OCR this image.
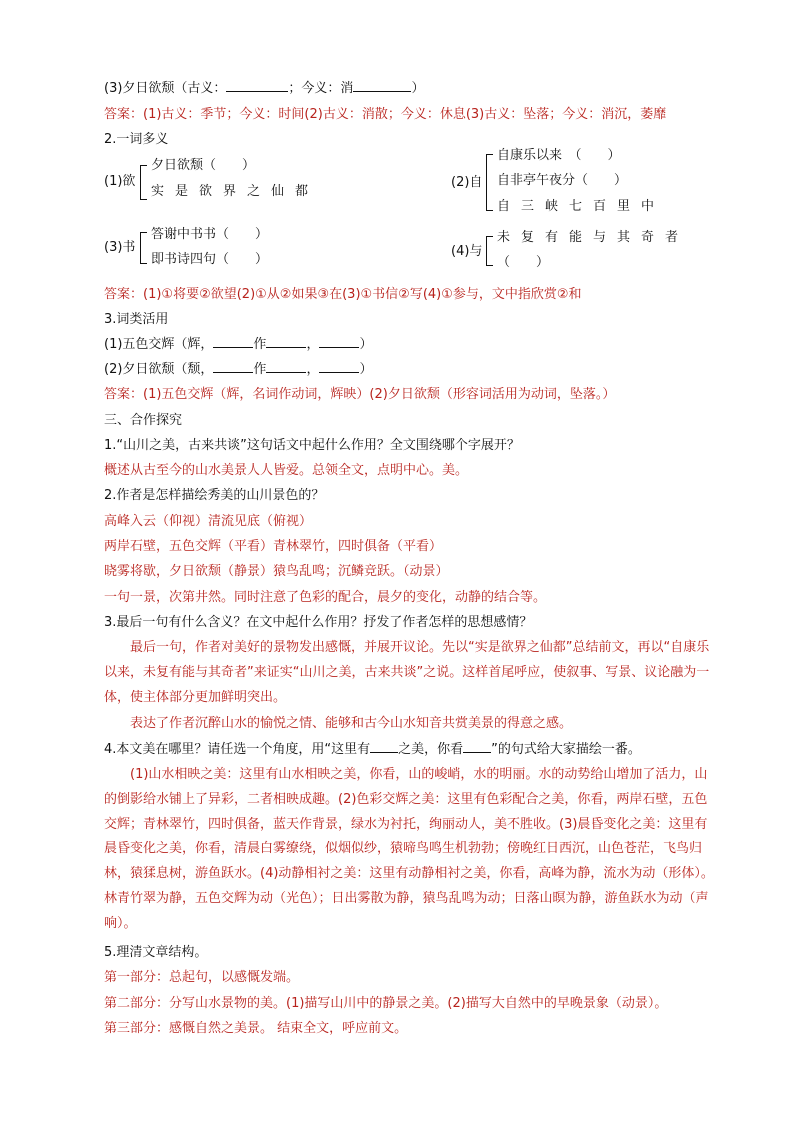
(3)夕日欲颓（古义：	；今义：消	）
答案：(1)古义：季节；今义：时间(2)古义：消散；今义：休息(3)古义：坠落；今义：消沉，萎靡
2.一词多义
(1)欲
夕日欲颓（　　）
实是欲界之仙都
(2)自
自康乐以来　（　　）
自非亭午夜分（　　）
自三峡七百里中
(3)书
答谢中书书（　　）
即书诗四句（　　）
(4)与
未复有能与其奇者
（　　）
答案：(1)①将要②欲望(2)①从②如果③在(3)①书信②写(4)①参与，文中指欣赏②和
3.词类活用
(1)五色交辉（辉，	作	，	）
(2)夕日欲颓（颓，	作	，	）
答案：(1)五色交辉（辉，名词作动词，辉映）(2)夕日欲颓（形容词活用为动词，坠落。）
三、合作探究
1.“山川之美，古来共谈”这句话文中起什么作用？全文围绕哪个字展开？
概述从古至今的山水美景人人皆爱。总领全文，点明中心。美。
2.作者是怎样描绘秀美的山川景色的？
高峰入云（仰视）清流见底（俯视）
两岸石壁，五色交辉（平看）青林翠竹，四时俱备（平看）
晓雾将歇，夕日欲颓（静景）猿鸟乱鸣；沉鳞竞跃。（动景）
一句一景，次第井然。同时注意了色彩的配合，晨夕的变化，动静的结合等。
3.最后一句有什么含义？在文中起什么作用？抒发了作者怎样的思想感情？
最后一句，作者对美好的景物发出感慨，并展开议论。先以“实是欲界之仙都”总结前文，再以“自康乐以来，未复有能与其奇者”来证实“山川之美，古来共谈”之说。这样首尾呼应，使叙事、写景、议论融为一体，使主体部分更加鲜明突出。
表达了作者沉醉山水的愉悦之情、能够和古今山水知音共赏美景的得意之感。
4.本文美在哪里？请任选一个角度，用“这里有 之美，你看 ”的句式给大家描绘一番。
(1)山水相映之美：这里有山水相映之美，你看，山的峻峭，水的明丽。水的动势给山增加了活力，山的倒影给水铺上了异彩，二者相映成趣。(2)色彩交辉之美：这里有色彩配合之美，你看，两岸石壁，五色交辉；青林翠竹，四时俱备，蓝天作背景，绿水为衬托，绚丽动人，美不胜收。(3)晨昏变化之美：这里有晨昏变化之美，你看，清晨白雾缭绕，似烟似纱，猿啼鸟鸣生机勃勃；傍晚红日西沉，山色苍茫，飞鸟归林，猿猱息树，游鱼跃水。(4)动静相衬之美：这里有动静相衬之美，你看，高峰为静，流水为动（形体）。林青竹翠为静，五色交辉为动（光色）；日出雾散为静，猿鸟乱鸣为动；日落山暝为静，游鱼跃水为动（声响）。
5.理清文章结构。
第一部分：总起句，以感慨发端。
第二部分：分写山水景物的美。(1)描写山川中的静景之美。(2)描写大自然中的早晚景象（动景）。
第三部分：感慨自然之美景。 结束全文，呼应前文。
